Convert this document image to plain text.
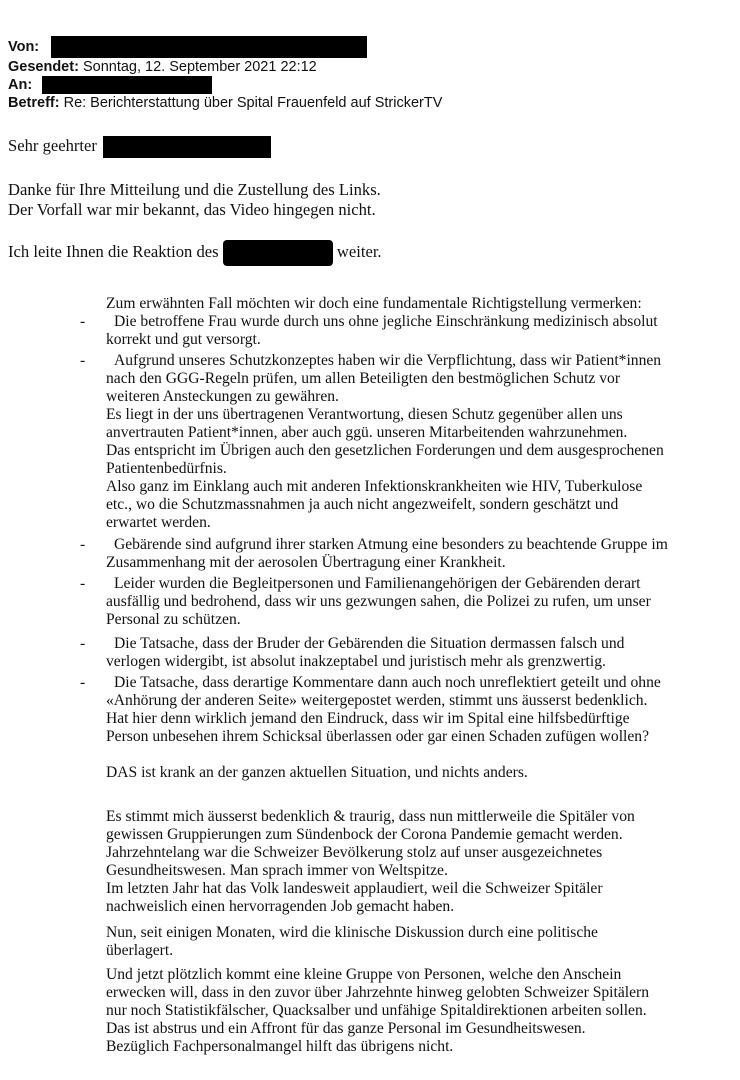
Von:
Gesendet: Sonntag, 12. September 2021 22:12
An:
Betreff: Re: Berichterstattung über Spital Frauenfeld auf StrickerTV
Sehr geehrter
Danke für Ihre Mitteilung und die Zustellung des Links.
Der Vorfall war mir bekannt, das Video hingegen nicht.
Ich leite Ihnen die Reaktion des	weiter.
Zum erwähnten Fall möchten wir doch eine fundamentale Richtigstellung vermerken:
- Die betroffene Frau wurde durch uns ohne jegliche Einschränkung medizinisch absolut
korrekt und gut versorgt.
- Aufgrund unseres Schutzkonzeptes haben wir die Verpflichtung, dass wir Patient*innen
nach den GGG-Regeln prüfen, um allen Beteiligten den bestmöglichen Schutz vor
weiteren Ansteckungen zu gewähren.
Es liegt in der uns übertragenen Verantwortung, diesen Schutz gegenüber allen uns
anvertrauten Patient*innen, aber auch ggü. unseren Mitarbeitenden wahrzunehmen.
Das entspricht im Übrigen auch den gesetzlichen Forderungen und dem ausgesprochenen
Patientenbedürfnis.
Also ganz im Einklang auch mit anderen Infektionskrankheiten wie HIV, Tuberkulose
etc., wo die Schutzmassnahmen ja auch nicht angezweifelt, sondern geschätzt und
erwartet werden.
- Gebärende sind aufgrund ihrer starken Atmung eine besonders zu beachtende Gruppe im
Zusammenhang mit der aerosolen Übertragung einer Krankheit.
- Leider wurden die Begleitpersonen und Familienangehörigen der Gebärenden derart
ausfällig und bedrohend, dass wir uns gezwungen sahen, die Polizei zu rufen, um unser
Personal zu schützen.
- Die Tatsache, dass der Bruder der Gebärenden die Situation dermassen falsch und
verlogen widergibt, ist absolut inakzeptabel und juristisch mehr als grenzwertig.
- Die Tatsache, dass derartige Kommentare dann auch noch unreflektiert geteilt und ohne
«Anhörung der anderen Seite» weitergepostet werden, stimmt uns äusserst bedenklich.
Hat hier denn wirklich jemand den Eindruck, dass wir im Spital eine hilfsbedürftige
Person unbesehen ihrem Schicksal überlassen oder gar einen Schaden zufügen wollen?
DAS ist krank an der ganzen aktuellen Situation, und nichts anders.
Es stimmt mich äusserst bedenklich & traurig, dass nun mittlerweile die Spitäler von
gewissen Gruppierungen zum Sündenbock der Corona Pandemie gemacht werden.
Jahrzehntelang war die Schweizer Bevölkerung stolz auf unser ausgezeichnetes
Gesundheitswesen. Man sprach immer von Weltspitze.
Im letzten Jahr hat das Volk landesweit applaudiert, weil die Schweizer Spitäler
nachweislich einen hervorragenden Job gemacht haben.
Nun, seit einigen Monaten, wird die klinische Diskussion durch eine politische
überlagert.
Und jetzt plötzlich kommt eine kleine Gruppe von Personen, welche den Anschein
erwecken will, dass in den zuvor über Jahrzehnte hinweg gelobten Schweizer Spitälern
nur noch Statistikfälscher, Quacksalber und unfähige Spitaldirektionen arbeiten sollen.
Das ist abstrus und ein Affront für das ganze Personal im Gesundheitswesen.
Bezüglich Fachpersonalmangel hilft das übrigens nicht.
